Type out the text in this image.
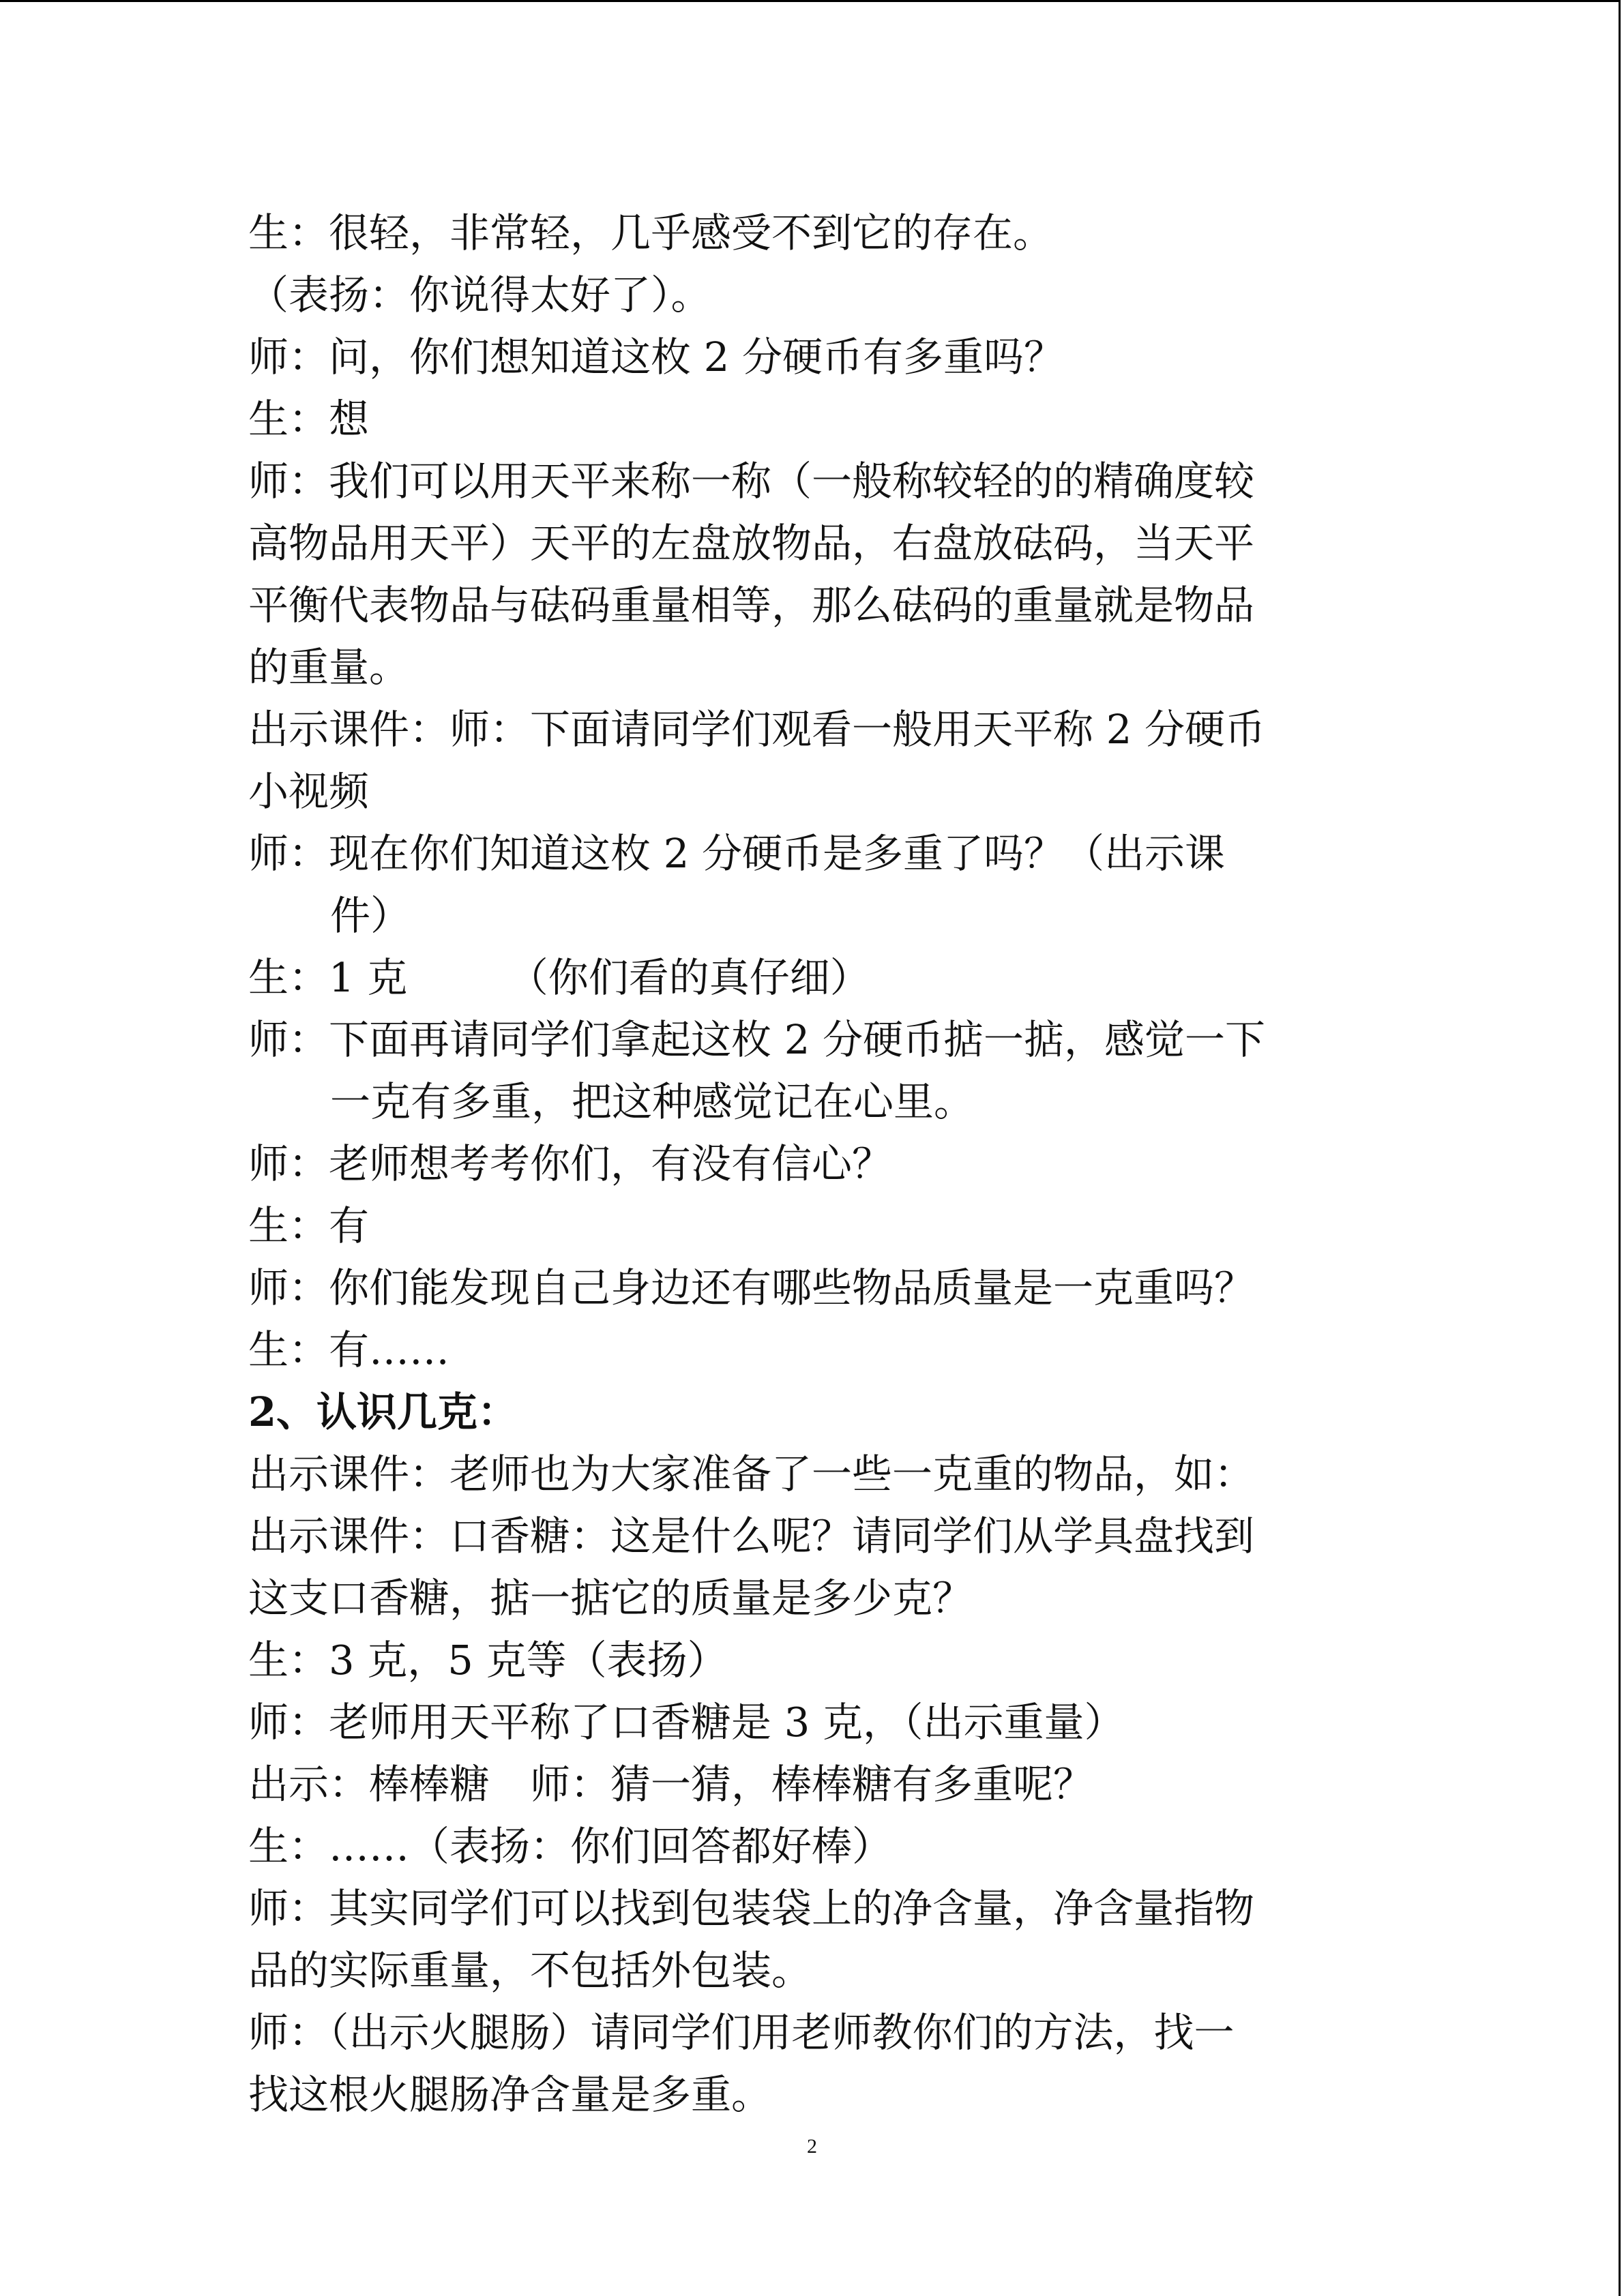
生：很轻，非常轻，几乎感受不到它的存在。
（表扬：你说得太好了）。
师：问，你们想知道这枚 2 分硬币有多重吗？
生：想
师：我们可以用天平来称一称（一般称较轻的的精确度较
高物品用天平）天平的左盘放物品，右盘放砝码，当天平
平衡代表物品与砝码重量相等，那么砝码的重量就是物品
的重量。
出示课件：师：下面请同学们观看一般用天平称 2 分硬币
小视频
师：现在你们知道这枚 2 分硬币是多重了吗？（出示课
件）
生：1 克　　　（你们看的真仔细）
师：下面再请同学们拿起这枚 2 分硬币掂一掂，感觉一下
一克有多重，把这种感觉记在心里。
师：老师想考考你们，有没有信心？
生：有
师：你们能发现自己身边还有哪些物品质量是一克重吗？
生：有……
2、认识几克：
出示课件：老师也为大家准备了一些一克重的物品，如：
出示课件：口香糖：这是什么呢？请同学们从学具盘找到
这支口香糖，掂一掂它的质量是多少克？
生：3 克，5 克等（表扬）
师：老师用天平称了口香糖是 3 克，（出示重量）
出示：棒棒糖　师：猜一猜，棒棒糖有多重呢？
生：……（表扬：你们回答都好棒）
师：其实同学们可以找到包装袋上的净含量，净含量指物
品的实际重量，不包括外包装。
师：（出示火腿肠）请同学们用老师教你们的方法，找一
找这根火腿肠净含量是多重。
2
